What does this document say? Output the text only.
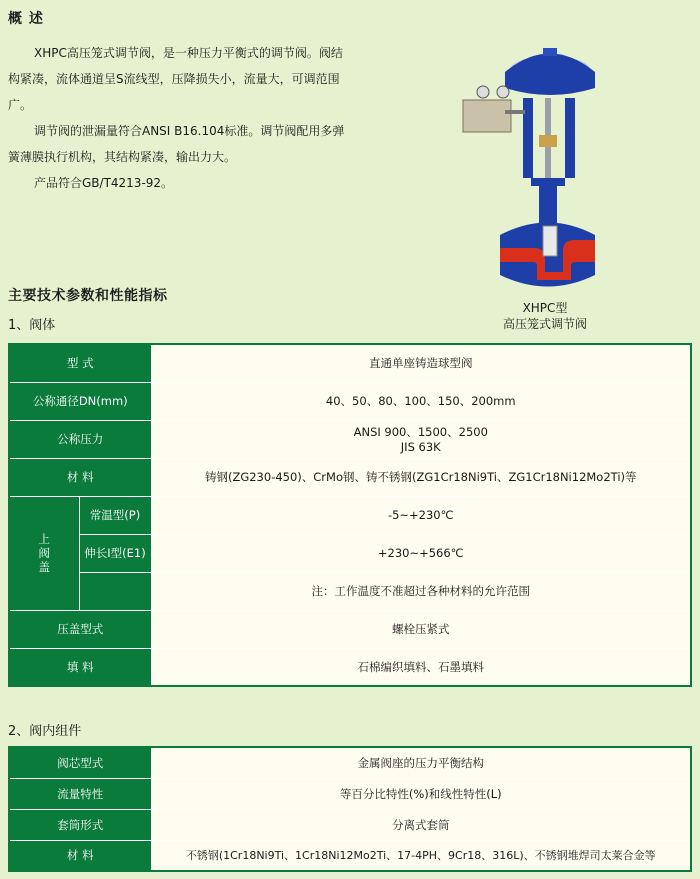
概 述

XHPC高压笼式调节阀，是一种压力平衡式的调节阀。阀结构紧凑，流体通道呈S流线型，压降损失小，流量大，可调范围广。

调节阀的泄漏量符合ANSI B16.104标准。调节阀配用多弹簧薄膜执行机构，其结构紧凑，输出力大。

产品符合GB/T4213-92。

XHPC型
高压笼式调节阀
主要技术参数和性能指标
1、阀体
型 式		直通单座铸造球型阀
公称通径DN(mm)		40、50、80、100、150、200mm
公称压力		ANSI 900、1500、2500
JIS 63K

材 料		铸钢(ZG230-450)、CrMo钢、铸不锈钢(ZG1Cr18Ni9Ti、ZG1Cr18Ni12Mo2Ti)等
上阀盖	常温型(P)	-5~+230℃
	伸长I型(E1)	+230~+566℃
		注：工作温度不准超过各种材料的允许范围
压盖型式		螺栓压紧式
填 料		石棉编织填料、石墨填料
2、阀内组件
阀芯型式	金属阀座的压力平衡结构
流量特性	等百分比特性(%)和线性特性(L)
套筒形式	分离式套筒
材 料	不锈钢(1Cr18Ni9Ti、1Cr18Ni12Mo2Ti、17-4PH、9Cr18、316L)、不锈钢堆焊司太莱合金等
